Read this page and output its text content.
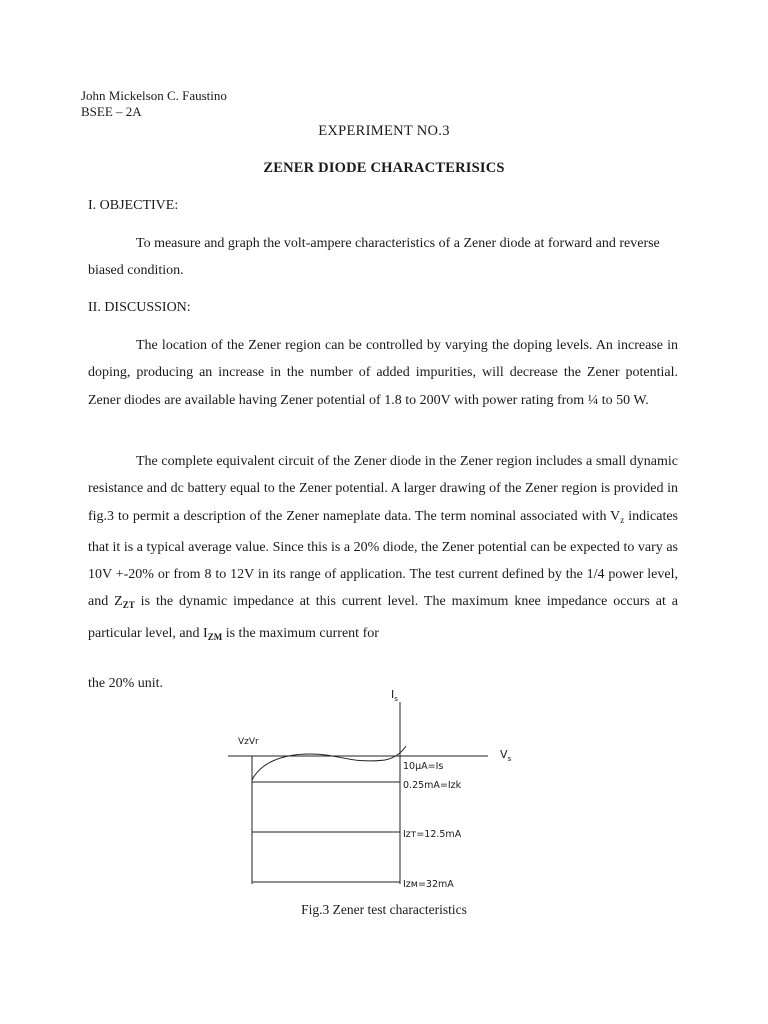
John Mickelson C. Faustino
BSEE – 2A
EXPERIMENT NO.3
ZENER DIODE CHARACTERISICS
I. OBJECTIVE:

To measure and graph the volt-ampere characteristics of a Zener diode at forward and reverse biased condition.

II. DISCUSSION:

The location of the Zener region can be controlled by varying the doping levels. An increase in doping, producing an increase in the number of added impurities, will decrease the Zener potential. Zener diodes are available having Zener potential of 1.8 to 200V with power rating from ¼ to 50 W.

The complete equivalent circuit of the Zener diode in the Zener region includes a small dynamic resistance and dc battery equal to the Zener potential. A larger drawing of the Zener region is provided in fig.3 to permit a description of the Zener nameplate data. The term nominal associated with $V_z$ indicates that it is a typical average value. Since this is a 20% diode, the Zener potential can be expected to vary as 10V +-20% or from 8 to 12V in its range of application. The test current defined by the 1/4 power level, and $Z_{ZT}$ is the dynamic impedance at this current level. The maximum knee impedance occurs at a particular level, and $I_{ZM}$ is the maximum current for

the 20% unit.
$I_s$
$V_s$
VzVr
10μA=Is
0.25mA=Izk
Izт=12.5mA
Izм=32mA
Fig.3 Zener test characteristics
